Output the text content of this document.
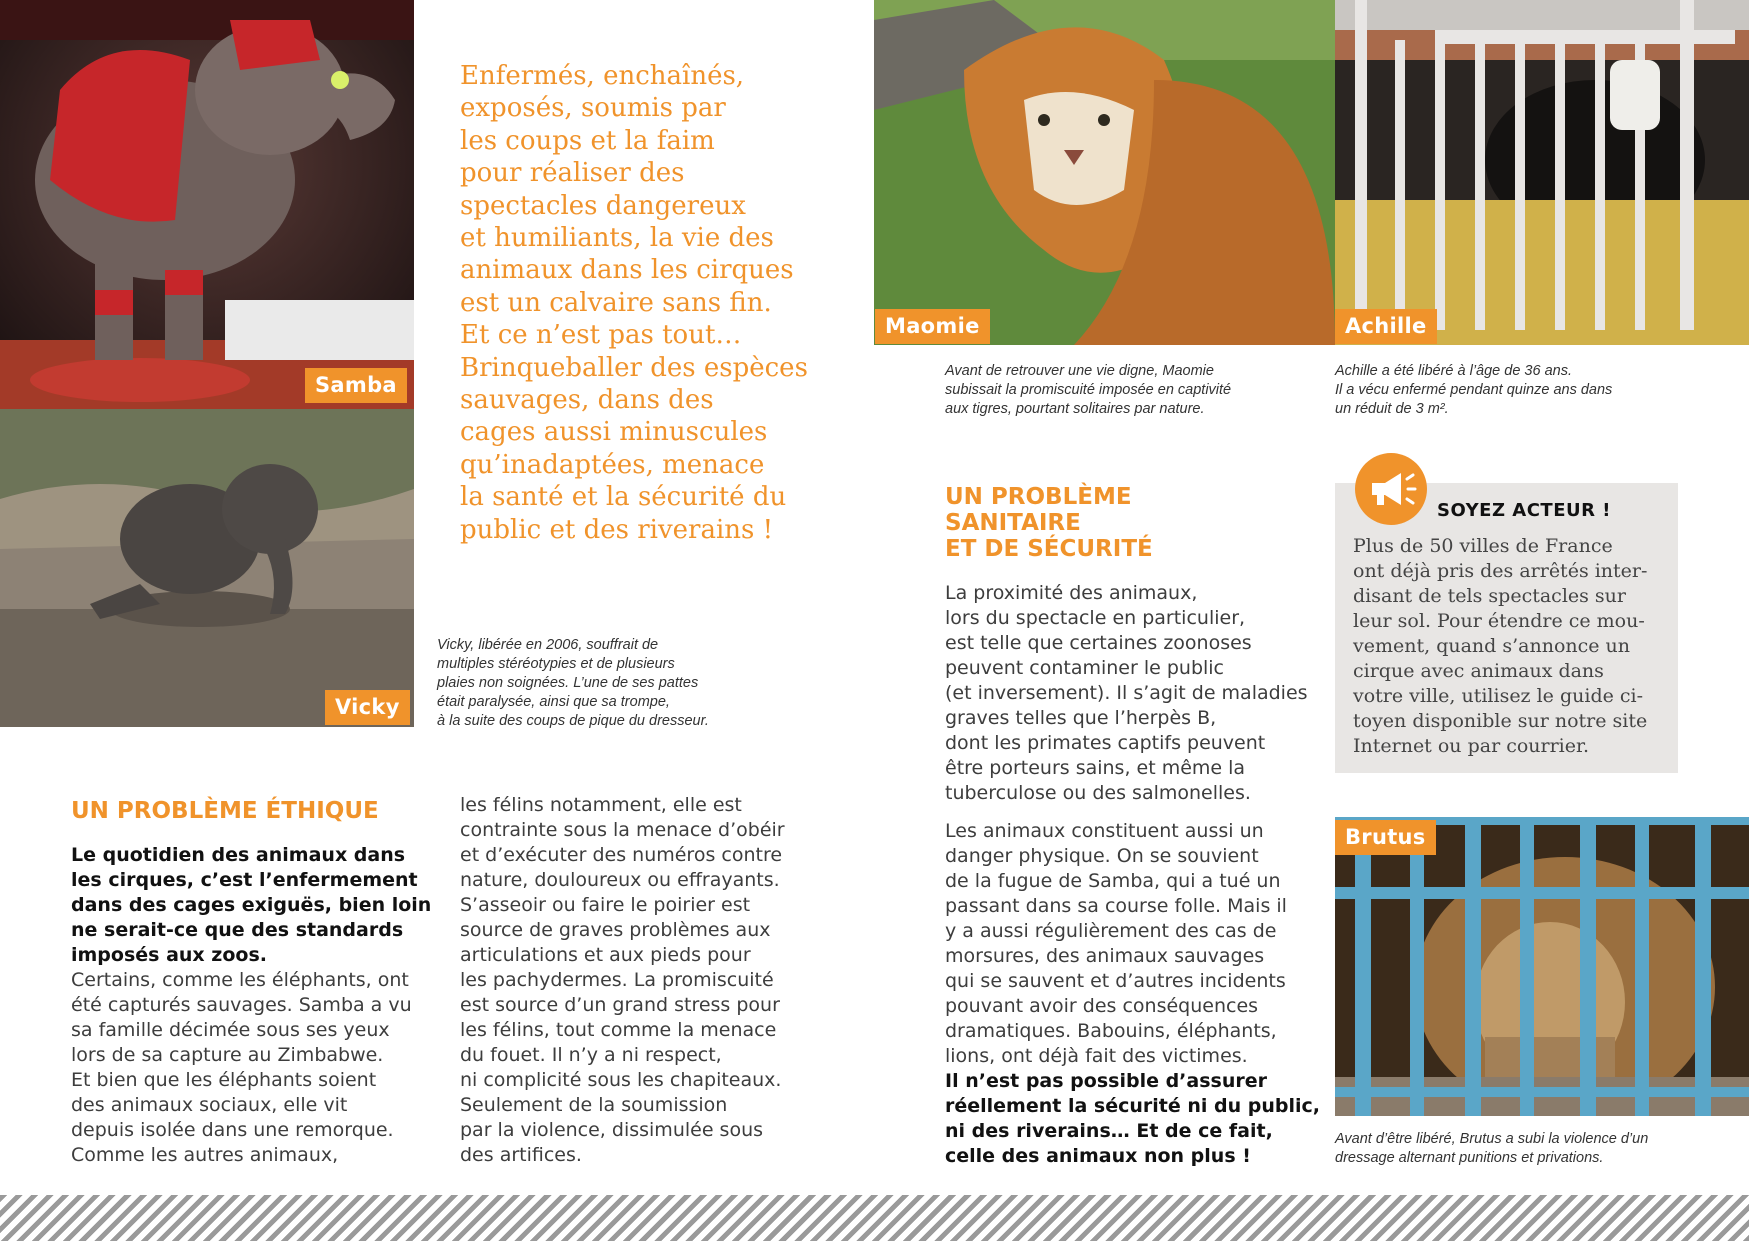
Samba
Vicky
Maomie	Achille
Brutus
Enfermés, enchaînés,
exposés, soumis par
les coups et la faim
pour réaliser des
spectacles dangereux
et humiliants, la vie des
animaux dans les cirques
est un calvaire sans fin.
Et ce n’est pas tout…
Brinqueballer des espèces
sauvages, dans des
cages aussi minuscules
qu’inadaptées, menace
la santé et la sécurité du
public et des riverains !
Vicky, libérée en 2006, souffrait de
multiples stéréotypies et de plusieurs
plaies non soignées. L’une de ses pattes
était paralysée, ainsi que sa trompe,
à la suite des coups de pique du dresseur.
Avant de retrouver une vie digne, Maomie
subissait la promiscuité imposée en captivité
aux tigres, pourtant solitaires par nature.
Achille a été libéré à l’âge de 36 ans.
Il a vécu enfermé pendant quinze ans dans
un réduit de 3 m².
Avant d’être libéré, Brutus a subi la violence d’un
dressage alternant punitions et privations.
UN PROBLÈME ÉTHIQUE
Le quotidien des animaux dans
les cirques, c’est l’enfermement
dans des cages exiguës, bien loin
ne serait-ce que des standards
imposés aux zoos.
Certains, comme les éléphants, ont
été capturés sauvages. Samba a vu
sa famille décimée sous ses yeux
lors de sa capture au Zimbabwe.
Et bien que les éléphants soient
des animaux sociaux, elle vit
depuis isolée dans une remorque.
Comme les autres animaux,
les félins notamment, elle est
contrainte sous la menace d’obéir
et d’exécuter des numéros contre
nature, douloureux ou effrayants.
S’asseoir ou faire le poirier est
source de graves problèmes aux
articulations et aux pieds pour
les pachydermes. La promiscuité
est source d’un grand stress pour
les félins, tout comme la menace
du fouet. Il n’y a ni respect,
ni complicité sous les chapiteaux.
Seulement de la soumission
par la violence, dissimulée sous
des artifices.
UN PROBLÈME
SANITAIRE
ET DE SÉCURITÉ
La proximité des animaux,
lors du spectacle en particulier,
est telle que certaines zoonoses
peuvent contaminer le public
(et inversement). Il s’agit de maladies
graves telles que l’herpès B,
dont les primates captifs peuvent
être porteurs sains, et même la
tuberculose ou des salmonelles.
Les animaux constituent aussi un
danger physique. On se souvient
de la fugue de Samba, qui a tué un
passant dans sa course folle. Mais il
y a aussi régulièrement des cas de
morsures, des animaux sauvages
qui se sauvent et d’autres incidents
pouvant avoir des conséquences
dramatiques. Babouins, éléphants,
lions, ont déjà fait des victimes.
Il n’est pas possible d’assurer
réellement la sécurité ni du public,
ni des riverains… Et de ce fait,
celle des animaux non plus !
SOYEZ ACTEUR !
Plus de 50 villes de France
ont déjà pris des arrêtés inter-
disant de tels spectacles sur
leur sol. Pour étendre ce mou-
vement, quand s’annonce un
cirque avec animaux dans
votre ville, utilisez le guide ci-
toyen disponible sur notre site
Internet ou par courrier.
